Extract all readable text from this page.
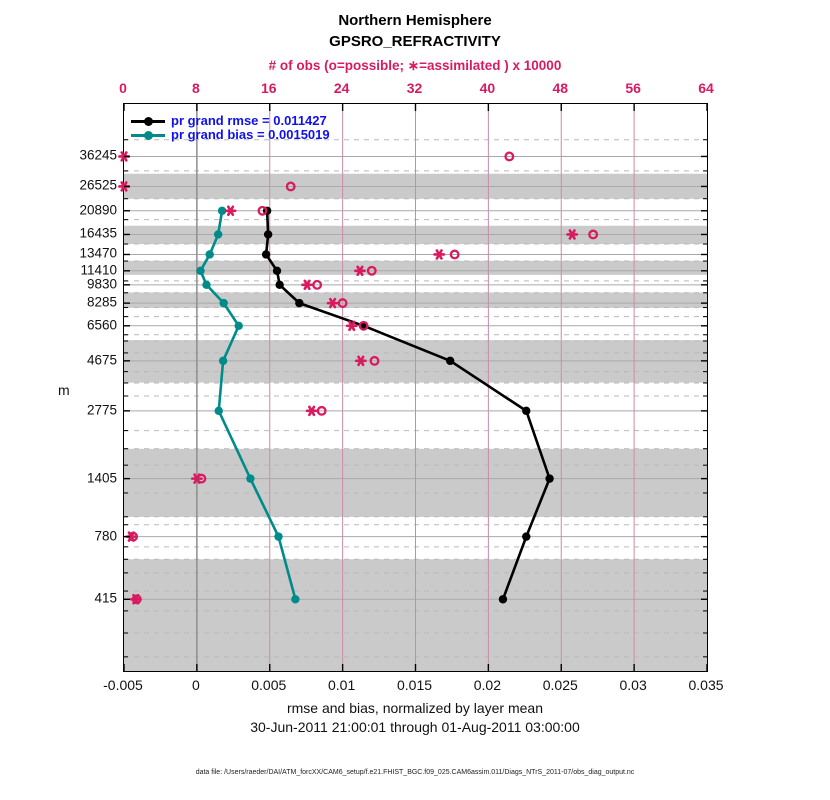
Northern Hemisphere
GPSRO_REFRACTIVITY
# of obs (o=possible; ∗=assimilated ) x 10000
m
pr grand rmse = 0.011427
pr grand bias = 0.0015019
rmse and bias, normalized by layer mean
30-Jun-2011 21:00:01 through 01-Aug-2011 03:00:00
data file: /Users/raeder/DAI/ATM_forcXX/CAM6_setup/f.e21.FHIST_BGC.f09_025.CAM6assim.011/Diags_NTrS_2011-07/obs_diag_output.nc
0	8	16	24	32	40	48	56	64
-0.005	0	0.005	0.01	0.015	0.02	0.025	0.03	0.035
36245
26525
20890
16435
13470
11410
9830
8285
6560
4675
2775
1405
780
415
